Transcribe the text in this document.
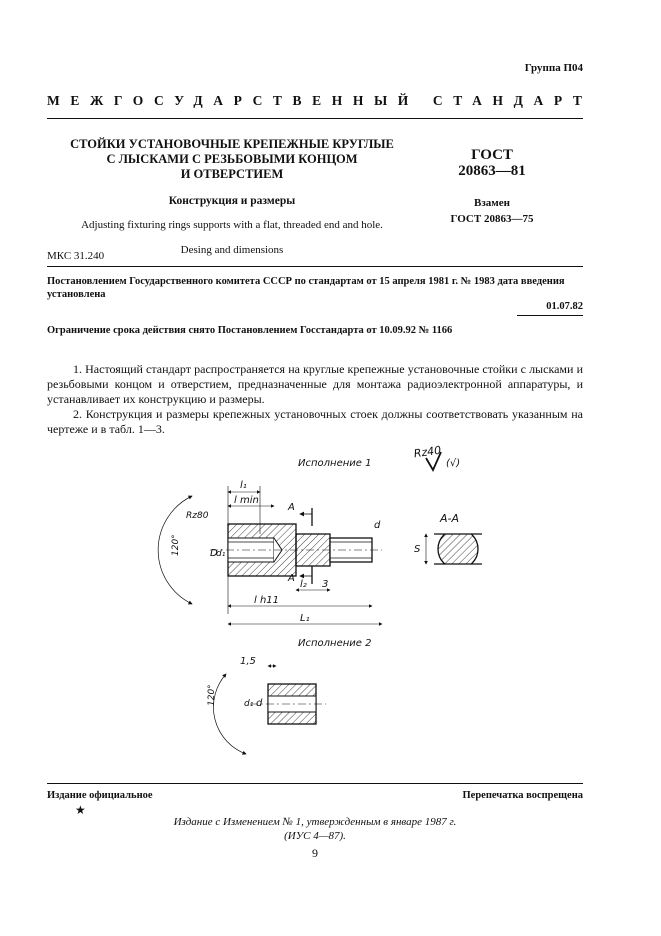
Группа П04
МЕЖГОСУДАРСТВЕННЫЙ СТАНДАРТ
СТОЙКИ УСТАНОВОЧНЫЕ КРЕПЕЖНЫЕ КРУГЛЫЕ
С ЛЫСКАМИ С РЕЗЬБОВЫМИ КОНЦОМ
И ОТВЕРСТИЕМ
Конструкция и размеры
Adjusting fixturing rings supports with a flat, threaded end and hole.
Desing and dimensions
ГОСТ
20863—81
Взамен
ГОСТ 20863—75
МКС 31.240
Постановлением Государственного комитета СССР по стандартам от 15 апреля 1981 г. № 1983 дата введения установлена
01.07.82
Ограничение срока действия снято Постановлением Госстандарта от 10.09.92 № 1166

1. Настоящий стандарт распространяется на круглые крепежные установочные стойки с лысками и резьбовыми концом и отверстием, предназначенные для монтажа радиоэлектронной аппаратуры, и устанавливает их конструкцию и размеры.

2. Конструкция и размеры крепежных установочных стоек должны соответствовать указанным на чертеже и в табл. 1—3.

Исполнение 1
Rz40
(√)
l₁
l min
l h11
L₁
l₂ 3
D
d₁
d
Rz80
120°
А
А
А-А
S
Исполнение 2
1,5
d₁ d
120°
Издание официальное
★
Перепечатка воспрещена
Издание с Изменением № 1, утвержденным в январе 1987 г.
(ИУС 4—87).
9
